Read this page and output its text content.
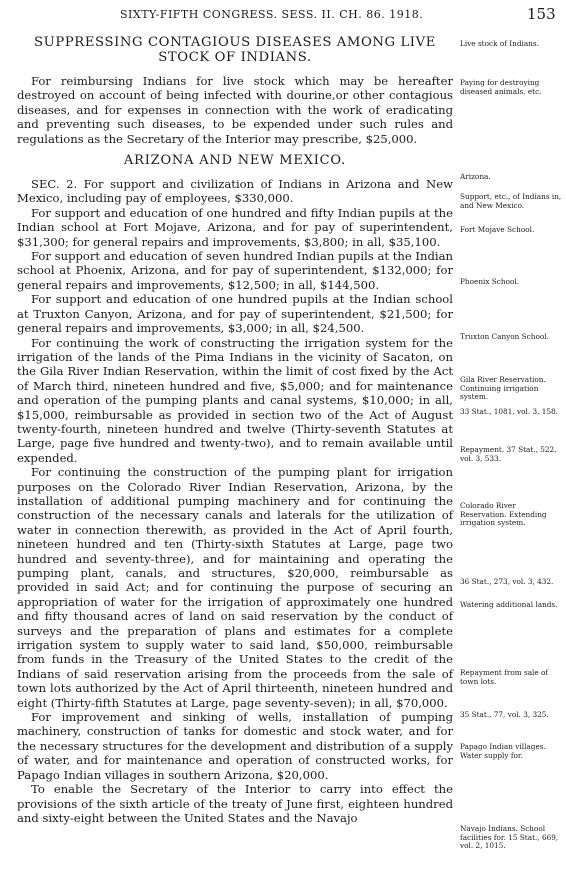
SIXTY-FIFTH CONGRESS. SESS. II. CH. 86. 1918.	153

SUPPRESSING CONTAGIOUS DISEASES AMONG LIVE

STOCK OF INDIANS.

For reimbursing Indians for live stock which may be hereafter destroyed on account of being infected with dourine,or other contagious diseases, and for expenses in connection with the work of eradicating and preventing such diseases, to be expended under such rules and regulations as the Secretary of the Interior may prescribe, $25,000.

ARIZONA AND NEW MEXICO.

SEC. 2. For support and civilization of Indians in Arizona and New Mexico, including pay of employees, $330,000.

For support and education of one hundred and fifty Indian pupils at the Indian school at Fort Mojave, Arizona, and for pay of superintendent, $31,300; for general repairs and improvements, $3,800; in all, $35,100.

For support and education of seven hundred Indian pupils at the Indian school at Phoenix, Arizona, and for pay of superintendent, $132,000; for general repairs and improvements, $12,500; in all, $144,500.

For support and education of one hundred pupils at the Indian school at Truxton Canyon, Arizona, and for pay of superintendent, $21,500; for general repairs and improvements, $3,000; in all, $24,500.

For continuing the work of constructing the irrigation system for the irrigation of the lands of the Pima Indians in the vicinity of Sacaton, on the Gila River Indian Reservation, within the limit of cost fixed by the Act of March third, nineteen hundred and five, $5,000; and for maintenance and operation of the pumping plants and canal systems, $10,000; in all, $15,000, reimbursable as provided in section two of the Act of August twenty-fourth, nineteen hundred and twelve (Thirty-seventh Statutes at Large, page five hundred and twenty-two), and to remain available until expended.

For continuing the construction of the pumping plant for irrigation purposes on the Colorado River Indian Reservation, Arizona, by the installation of additional pumping machinery and for continuing the construction of the necessary canals and laterals for the utilization of water in connection therewith, as provided in the Act of April fourth, nineteen hundred and ten (Thirty-sixth Statutes at Large, page two hundred and seventy-three), and for maintaining and operating the pumping plant, canals, and structures, $20,000, reimbursable as provided in said Act; and for continuing the purpose of securing an appropriation of water for the irrigation of approximately one hundred and fifty thousand acres of land on said reservation by the conduct of surveys and the preparation of plans and estimates for a complete irrigation system to supply water to said land, $50,000, reimbursable from funds in the Treasury of the United States to the credit of the Indians of said reservation arising from the proceeds from the sale of town lots authorized by the Act of April thirteenth, nineteen hundred and eight (Thirty-fifth Statutes at Large, page seventy-seven); in all, $70,000.

For improvement and sinking of wells, installation of pumping machinery, construction of tanks for domestic and stock water, and for the necessary structures for the development and distribution of a supply of water, and for maintenance and operation of constructed works, for Papago Indian villages in southern Arizona, $20,000.

To enable the Secretary of the Interior to carry into effect the provisions of the sixth article of the treaty of June first, eighteen hundred and sixty-eight between the United States and the Navajo

Live stock of Indians.
Paying for destroying diseased animals, etc.
Arizona.
Support, etc., of Indians in, and New Mexico.
Fort Mojave School.
Phoenix School.
Truxton Canyon School.
Gila River Reservation. Continuing irrigation system.
33 Stat., 1081, vol. 3, 158.
Repayment. 37 Stat., 522, vol. 3, 533.
Colorado River Reservation. Extending irrigation system.
36 Stat., 273, vol. 3, 432.
Watering additional lands.
Repayment from sale of town lots.
35 Stat., 77, vol. 3, 325.
Papago Indian villages. Water supply for.
Navajo Indians. School facilities for. 15 Stat., 669, vol. 2, 1015.
